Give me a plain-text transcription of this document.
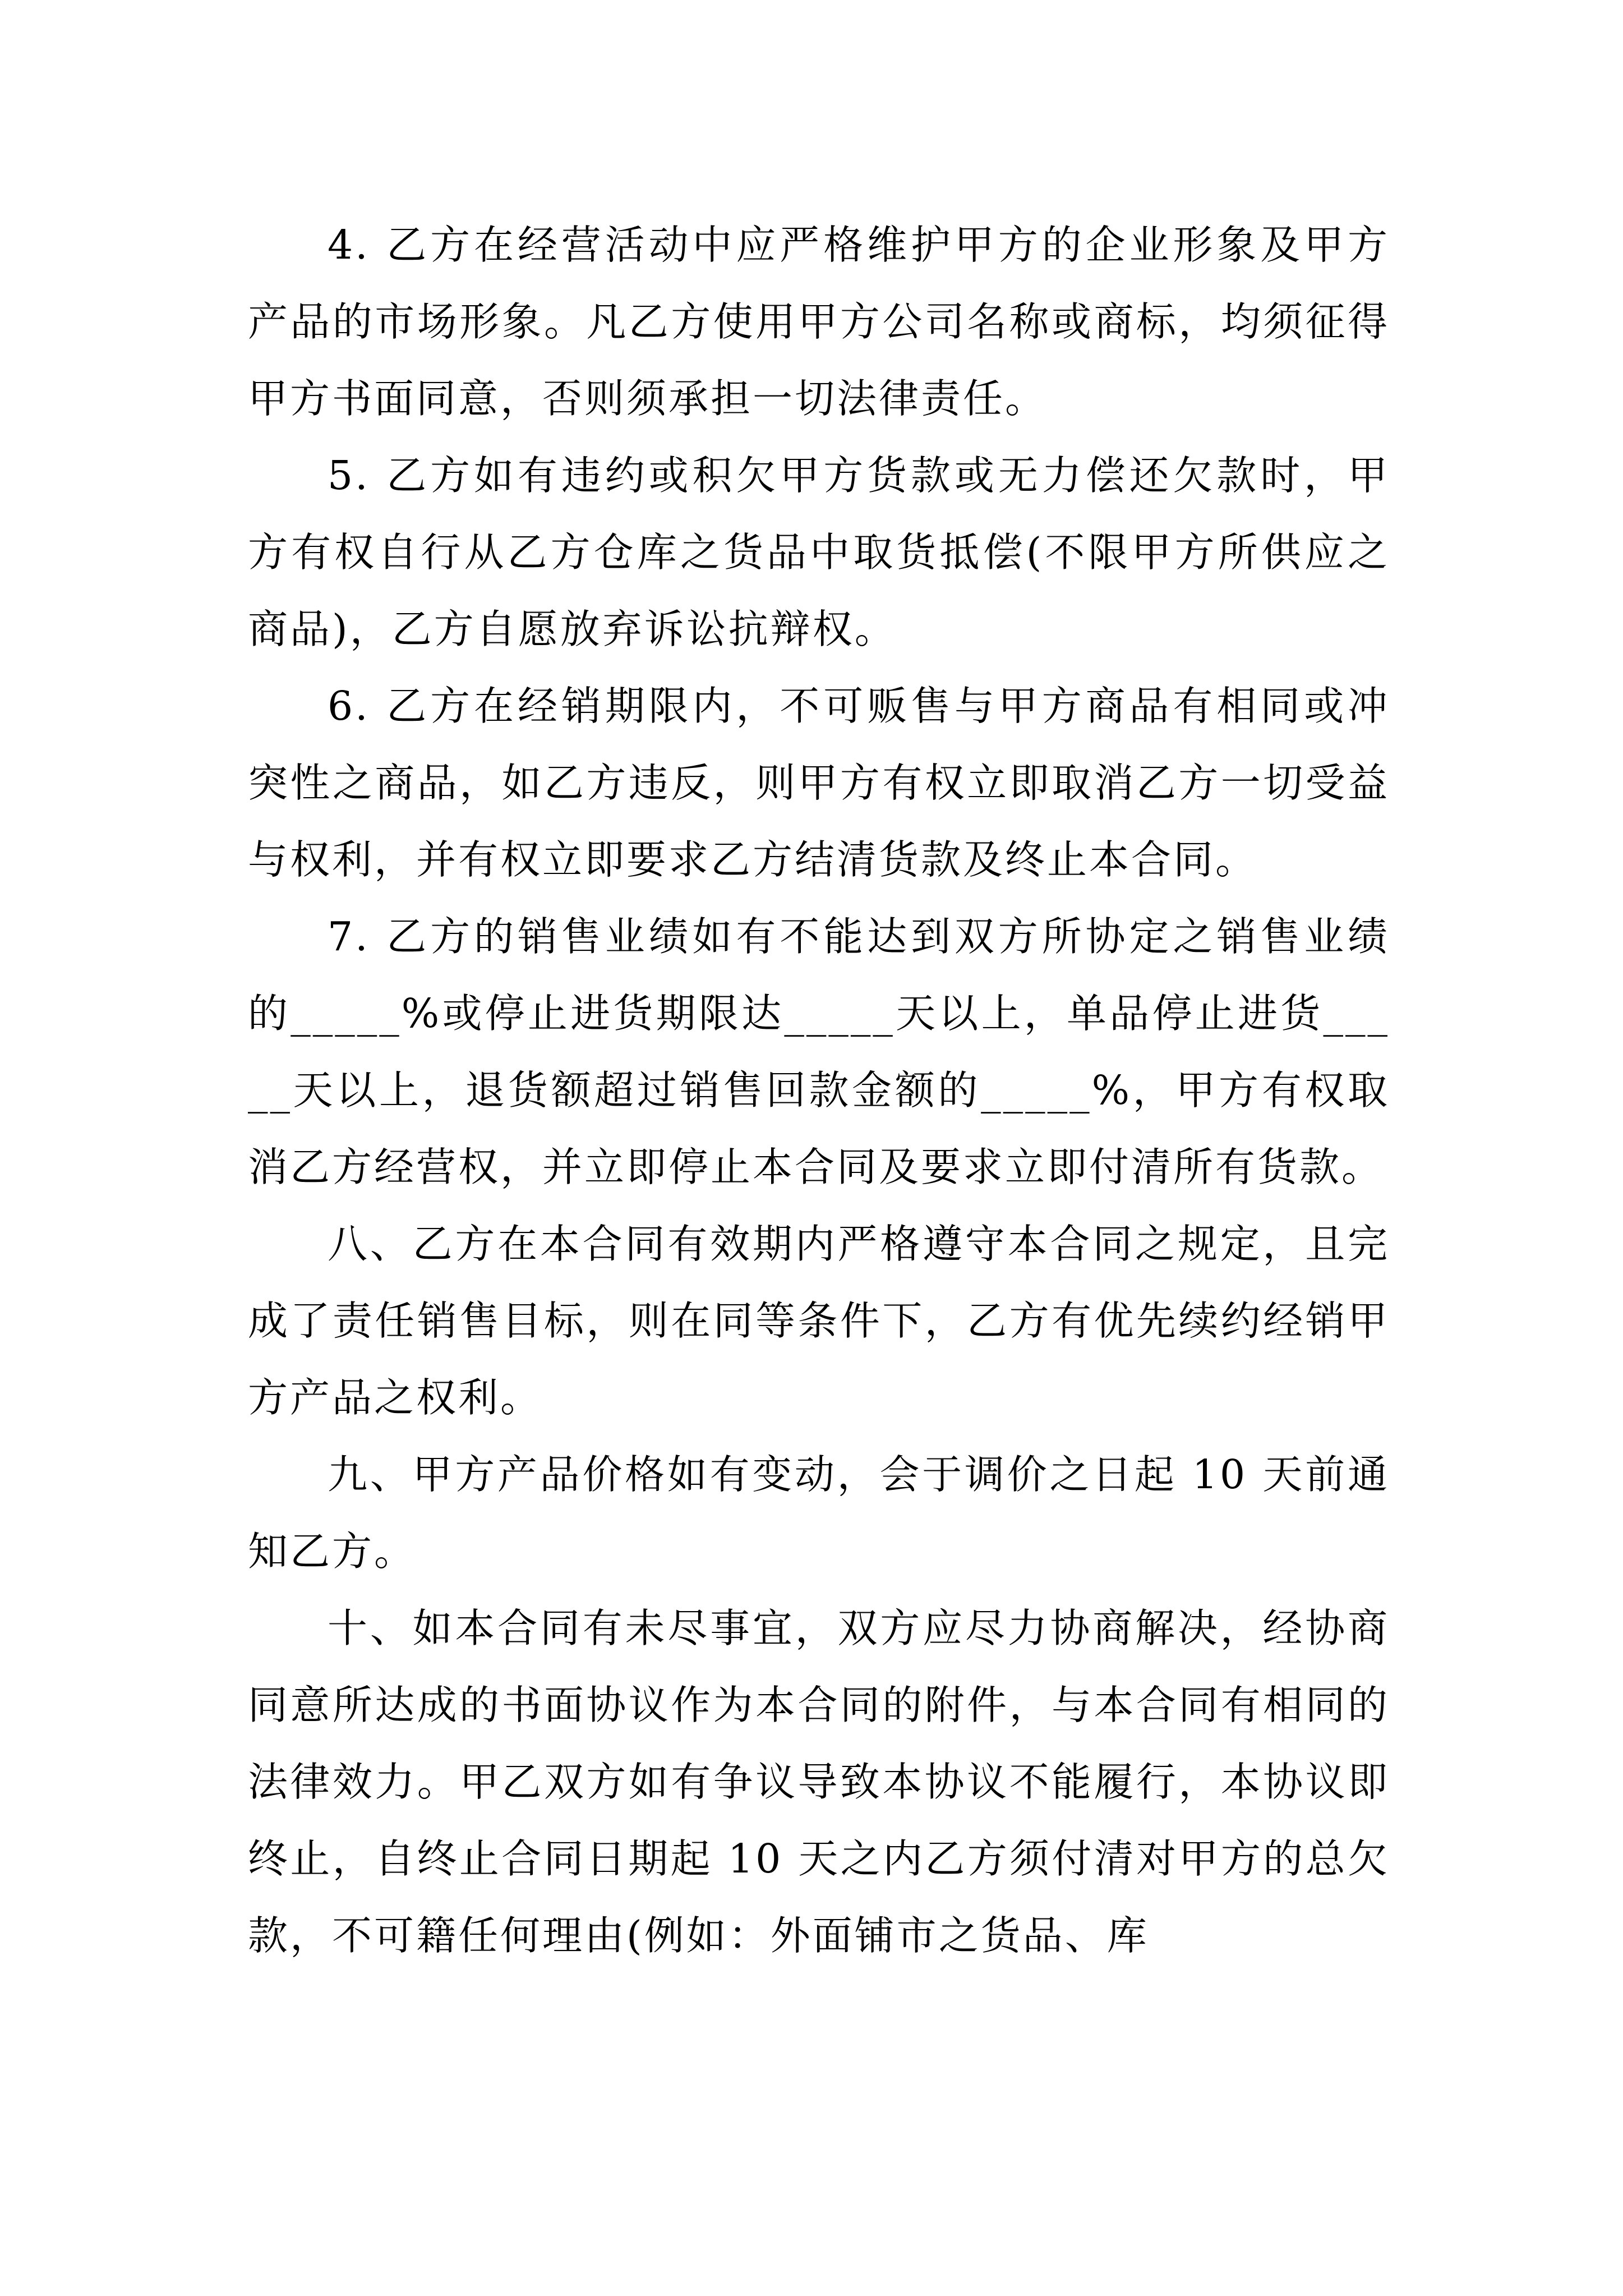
4. 乙方在经营活动中应严格维护甲方的企业形象及甲方产品的市场形象。凡乙方使用甲方公司名称或商标，均须征得甲方书面同意，否则须承担一切法律责任。

5. 乙方如有违约或积欠甲方货款或无力偿还欠款时，甲方有权自行从乙方仓库之货品中取货抵偿(不限甲方所供应之商品)，乙方自愿放弃诉讼抗辩权。

6. 乙方在经销期限内，不可贩售与甲方商品有相同或冲突性之商品，如乙方违反，则甲方有权立即取消乙方一切受益与权利，并有权立即要求乙方结清货款及终止本合同。

7. 乙方的销售业绩如有不能达到双方所协定之销售业绩的_____%或停止进货期限达_____天以上，单品停止进货_____天以上，退货额超过销售回款金额的_____%，甲方有权取消乙方经营权，并立即停止本合同及要求立即付清所有货款。

八、乙方在本合同有效期内严格遵守本合同之规定，且完成了责任销售目标，则在同等条件下，乙方有优先续约经销甲方产品之权利。

九、甲方产品价格如有变动，会于调价之日起 10 天前通知乙方。

十、如本合同有未尽事宜，双方应尽力协商解决，经协商同意所达成的书面协议作为本合同的附件，与本合同有相同的法律效力。甲乙双方如有争议导致本协议不能履行，本协议即终止，自终止合同日期起 10 天之内乙方须付清对甲方的总欠款，不可籍任何理由(例如：外面铺市之货品、库
